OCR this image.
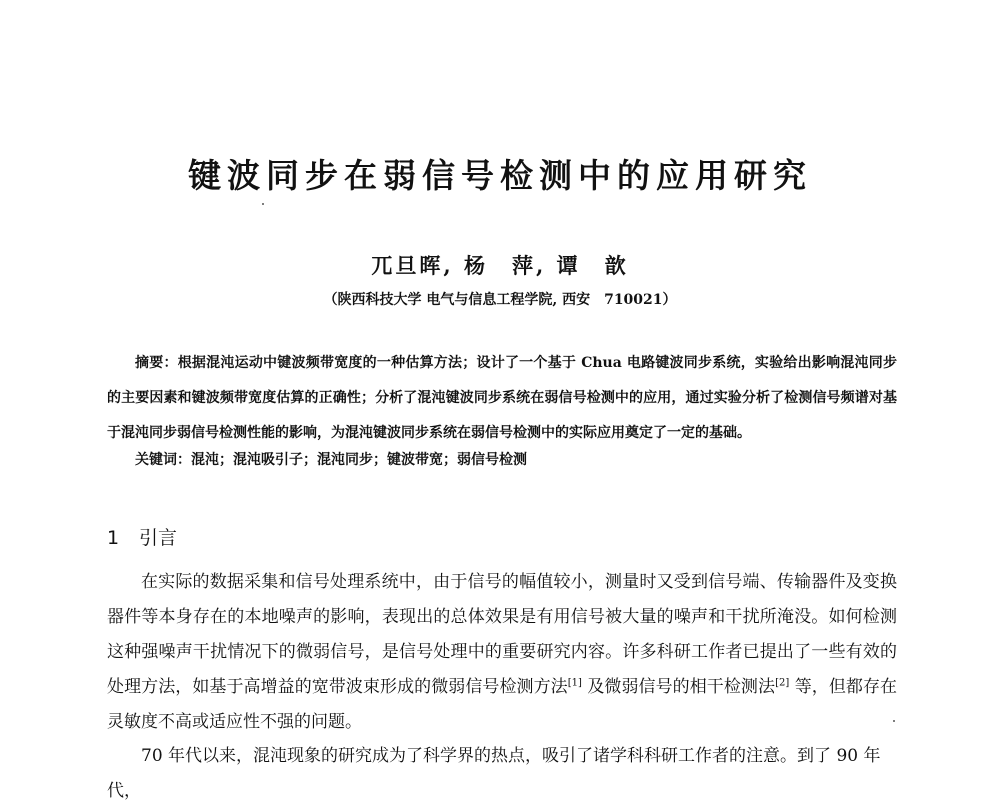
键波同步在弱信号检测中的应用研究
兀旦晖, 杨　萍, 谭　歆
（陕西科技大学 电气与信息工程学院, 西安　710021）

摘要：根据混沌运动中键波频带宽度的一种估算方法；设计了一个基于 Chua 电路键波同步系统，实验给出影响混沌同步的主要因素和键波频带宽度估算的正确性；分析了混沌键波同步系统在弱信号检测中的应用，通过实验分析了检测信号频谱对基于混沌同步弱信号检测性能的影响，为混沌键波同步系统在弱信号检测中的实际应用奠定了一定的基础。

关键词：混沌；混沌吸引子；混沌同步；键波带宽；弱信号检测
1 引言

在实际的数据采集和信号处理系统中，由于信号的幅值较小，测量时又受到信号端、传输器件及变换器件等本身存在的本地噪声的影响，表现出的总体效果是有用信号被大量的噪声和干扰所淹没。如何检测这种强噪声干扰情况下的微弱信号，是信号处理中的重要研究内容。许多科研工作者已提出了一些有效的处理方法，如基于高增益的宽带波束形成的微弱信号检测方法[1] 及微弱信号的相干检测法[2] 等，但都存在灵敏度不高或适应性不强的问题。

70 年代以来，混沌现象的研究成为了科学界的热点，吸引了诸学科科研工作者的注意。到了 90 年代，
